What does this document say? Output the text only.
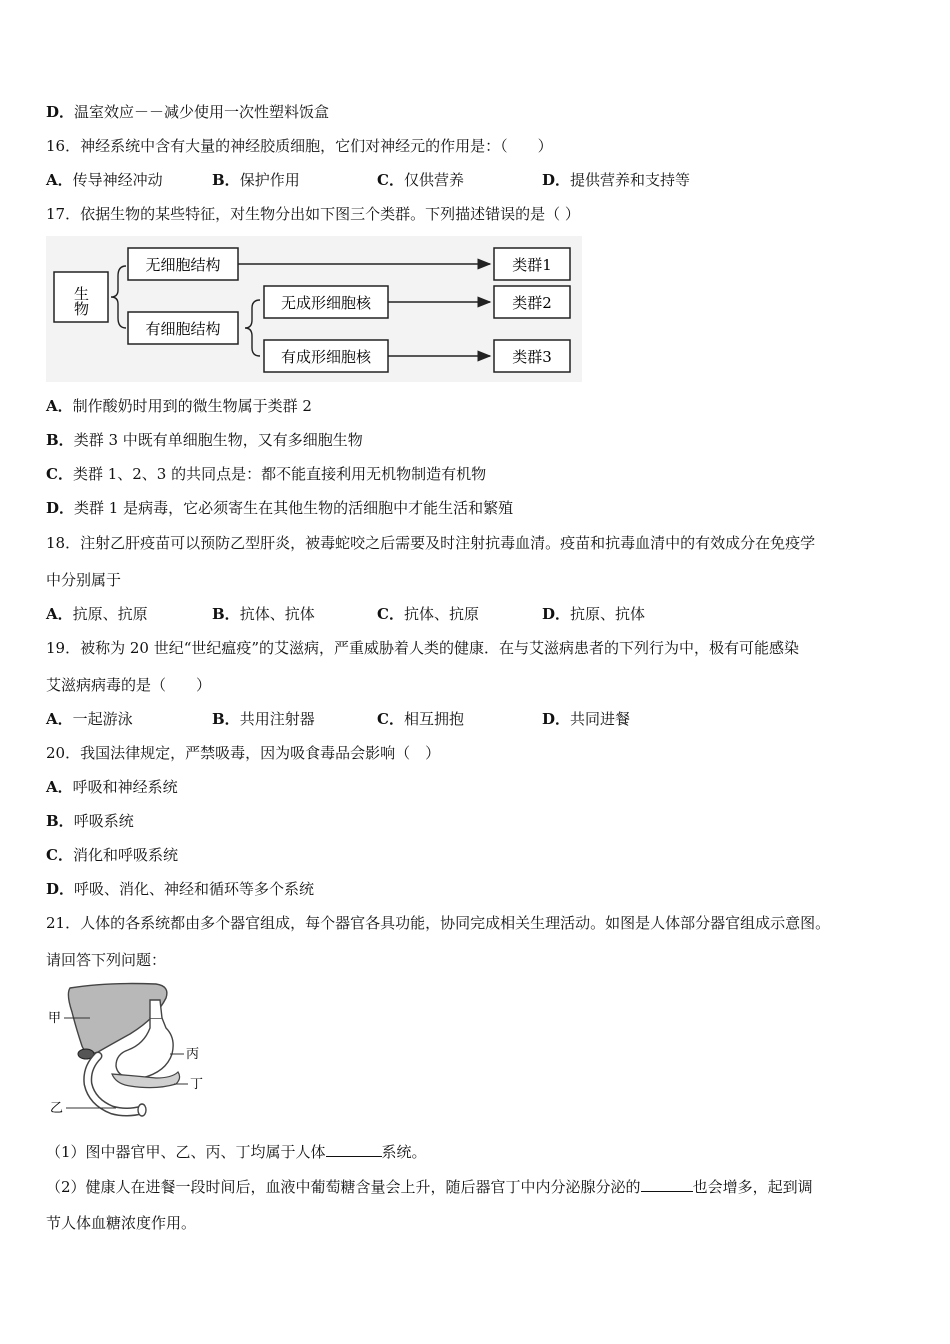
D．温室效应－－减少使用一次性塑料饭盒
16．神经系统中含有大量的神经胶质细胞，它们对神经元的作用是：（　　）
A．传导神经冲动	B．保护作用	C．仅供营养	D．提供营养和支持等
17．依据生物的某些特征，对生物分出如下图三个类群。下列描述错误的是（ ）
生物
无细胞结构
有细胞结构
无成形细胞核
有成形细胞核
类群1
类群2
类群3
A．制作酸奶时用到的微生物属于类群 2
B．类群 3 中既有单细胞生物，又有多细胞生物
C．类群 1、2、3 的共同点是：都不能直接利用无机物制造有机物
D．类群 1 是病毒，它必须寄生在其他生物的活细胞中才能生活和繁殖
18．注射乙肝疫苗可以预防乙型肝炎，被毒蛇咬之后需要及时注射抗毒血清。疫苗和抗毒血清中的有效成分在免疫学
中分别属于
A．抗原、抗原	B．抗体、抗体	C．抗体、抗原	D．抗原、抗体
19．被称为 20 世纪“世纪瘟疫”的艾滋病，严重威胁着人类的健康．在与艾滋病患者的下列行为中，极有可能感染
艾滋病病毒的是（　　）
A．一起游泳	B．共用注射器	C．相互拥抱	D．共同进餐
20．我国法律规定，严禁吸毒，因为吸食毒品会影响（　）
A．呼吸和神经系统
B．呼吸系统
C．消化和呼吸系统
D．呼吸、消化、神经和循环等多个系统
21．人体的各系统都由多个器官组成，每个器官各具功能，协同完成相关生理活动。如图是人体部分器官组成示意图。
请回答下列问题：
甲
丙
丁
乙
（1）图中器官甲、乙、丙、丁均属于人体	系统。
（2）健康人在进餐一段时间后，血液中葡萄糖含量会上升，随后器官丁中内分泌腺分泌的	也会增多，起到调
节人体血糖浓度作用。
